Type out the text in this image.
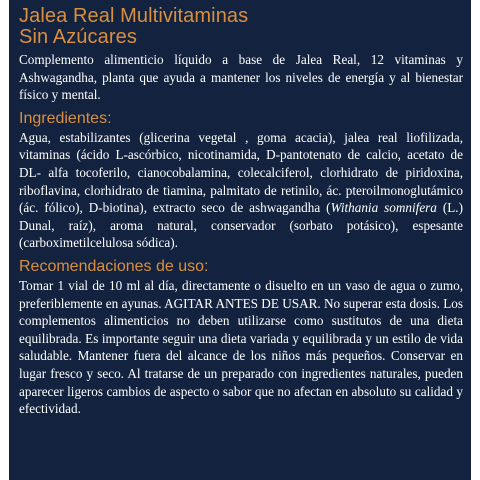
Jalea Real Multivitaminas
Sin Azúcares

Complemento alimenticio líquido a base de Jalea Real, 12 vitaminas y Ashwagandha, planta que ayuda a mantener los niveles de energía y al bienestar físico y mental.

Ingredientes:

Agua, estabilizantes (glicerina vegetal , goma acacia), jalea real liofilizada, vitaminas (ácido L-ascórbico, nicotinamida, D-pantotenato de calcio, acetato de DL- alfa tocoferilo, cianocobalamina, colecalciferol, clorhidrato de piridoxina, riboflavina, clorhidrato de tiamina, palmitato de retinilo, ác. pteroilmonoglutámico (ác. fólico), D-biotina), extracto seco de ashwagandha (Withania somnifera (L.) Dunal, raíz), aroma natural, conservador (sorbato potásico), espesante (carboximetilcelulosa sódica).

Recomendaciones de uso:

Tomar 1 vial de 10 ml al día, directamente o disuelto en un vaso de agua o zumo, preferiblemente en ayunas. AGITAR ANTES DE USAR. No superar esta dosis. Los complementos alimenticios no deben utilizarse como sustitutos de una dieta equilibrada. Es importante seguir una dieta variada y equilibrada y un estilo de vida saludable. Mantener fuera del alcance de los niños más pequeños. Conservar en lugar fresco y seco. Al tratarse de un preparado con ingredientes naturales, pueden aparecer ligeros cambios de aspecto o sabor que no afectan en absoluto su calidad y efectividad.
